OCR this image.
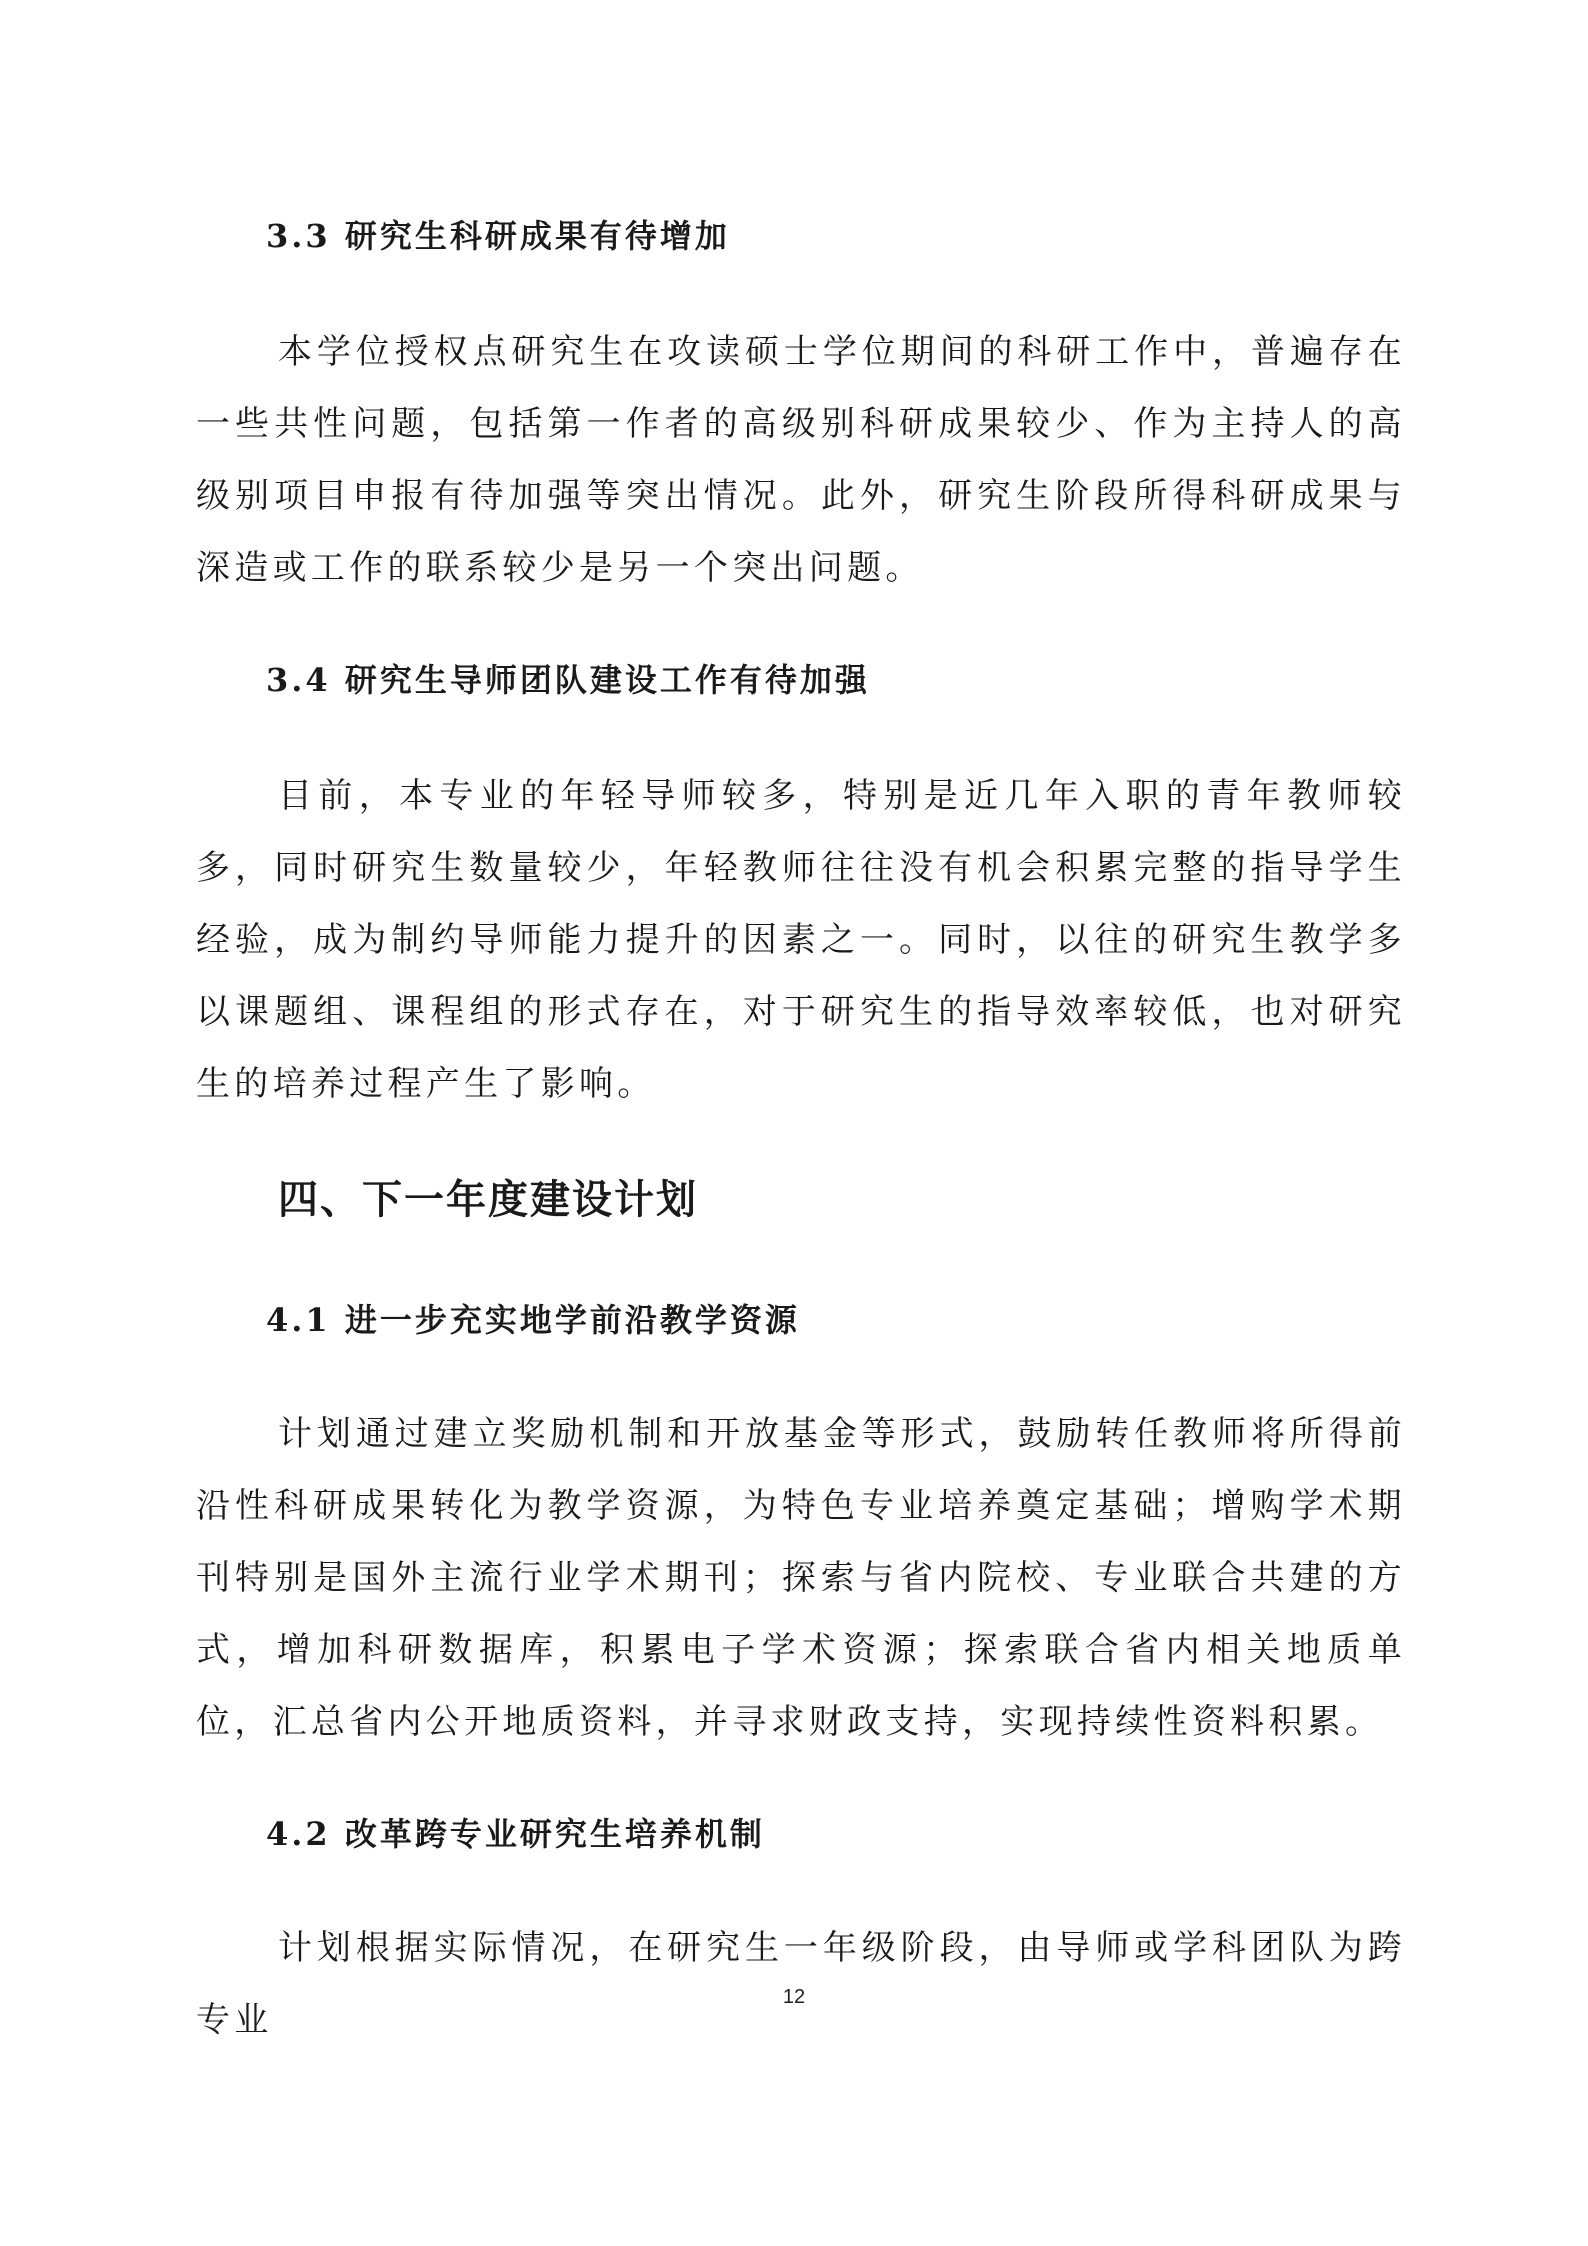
3.3 研究生科研成果有待增加

本学位授权点研究生在攻读硕士学位期间的科研工作中，普遍存在一些共性问题，包括第一作者的高级别科研成果较少、作为主持人的高级别项目申报有待加强等突出情况。此外，研究生阶段所得科研成果与深造或工作的联系较少是另一个突出问题。

3.4 研究生导师团队建设工作有待加强

目前，本专业的年轻导师较多，特别是近几年入职的青年教师较多，同时研究生数量较少，年轻教师往往没有机会积累完整的指导学生经验，成为制约导师能力提升的因素之一。同时，以往的研究生教学多以课题组、课程组的形式存在，对于研究生的指导效率较低，也对研究生的培养过程产生了影响。

四、下一年度建设计划
4.1 进一步充实地学前沿教学资源

计划通过建立奖励机制和开放基金等形式，鼓励转任教师将所得前沿性科研成果转化为教学资源，为特色专业培养奠定基础；增购学术期刊特别是国外主流行业学术期刊；探索与省内院校、专业联合共建的方式，增加科研数据库，积累电子学术资源；探索联合省内相关地质单位，汇总省内公开地质资料，并寻求财政支持，实现持续性资料积累。

4.2 改革跨专业研究生培养机制

计划根据实际情况，在研究生一年级阶段，由导师或学科团队为跨专业

12
